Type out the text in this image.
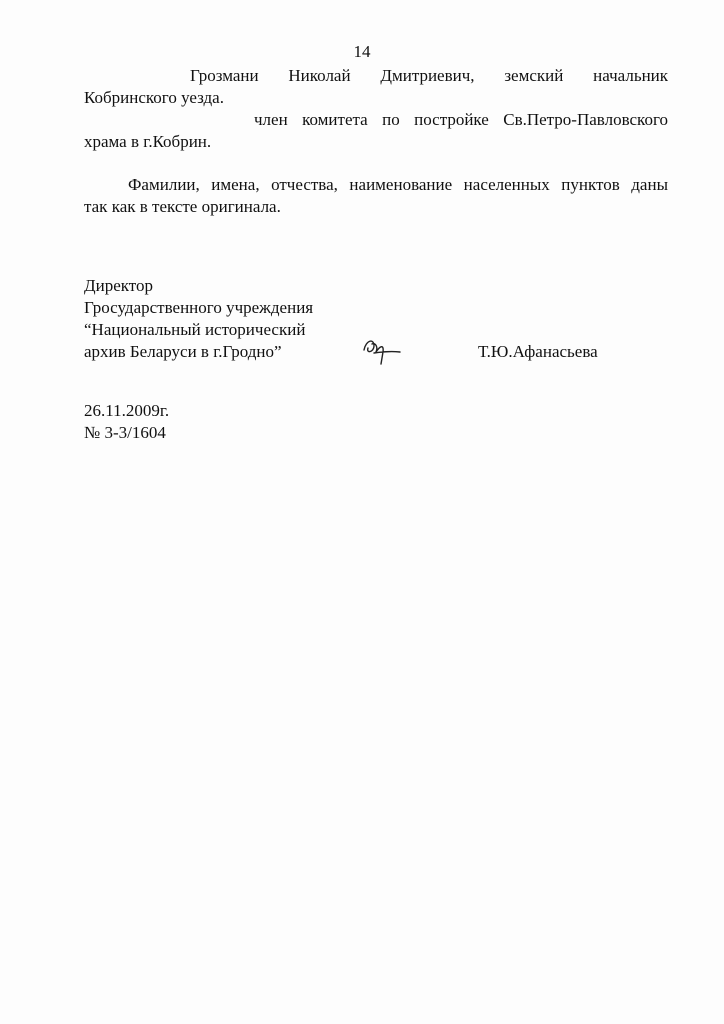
14
Грозмани Николай Дмитриевич, земский начальник
Кобринского уезда.
член комитета по постройке Св.Петро-Павловского
храма в г.Кобрин.
Фамилии, имена, отчества, наименование населенных пунктов даны
так как в тексте оригинала.
Директор
Гросударственного учреждения
“Национальный исторический
архив Беларуси в г.Гродно”	Т.Ю.Афанасьева
26.11.2009г.
№ 3-3/1604
